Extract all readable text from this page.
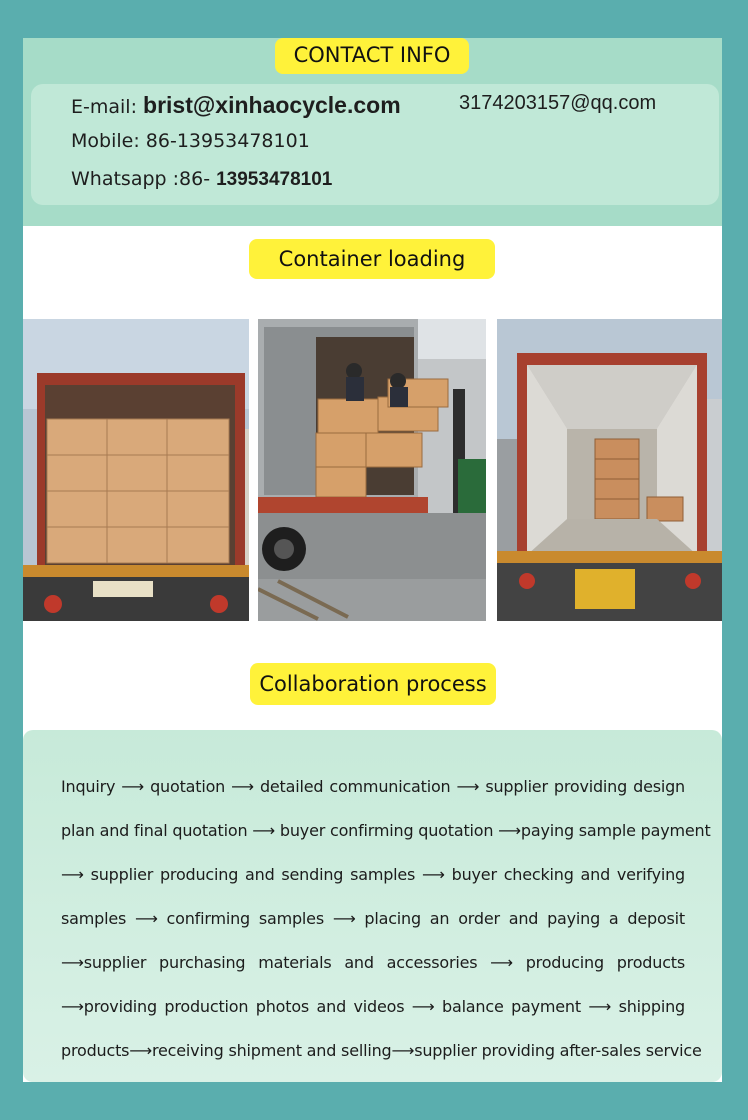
CONTACT INFO
E-mail: brist@xinhaocycle.com	3174203157@qq.com
Mobile: 86-13953478101
Whatsapp :86- 13953478101
Container loading
Collaboration process
Inquiry ⟶ quotation ⟶ detailed communication ⟶ supplier providing design
plan and final quotation ⟶ buyer confirming quotation ⟶paying sample payment
⟶ supplier producing and sending samples ⟶ buyer checking and verifying
samples ⟶ confirming samples ⟶ placing an order and paying a deposit
⟶supplier purchasing materials and accessories ⟶ producing products
⟶providing production photos and videos ⟶ balance payment ⟶ shipping
products⟶receiving shipment and selling⟶supplier providing after-sales service
